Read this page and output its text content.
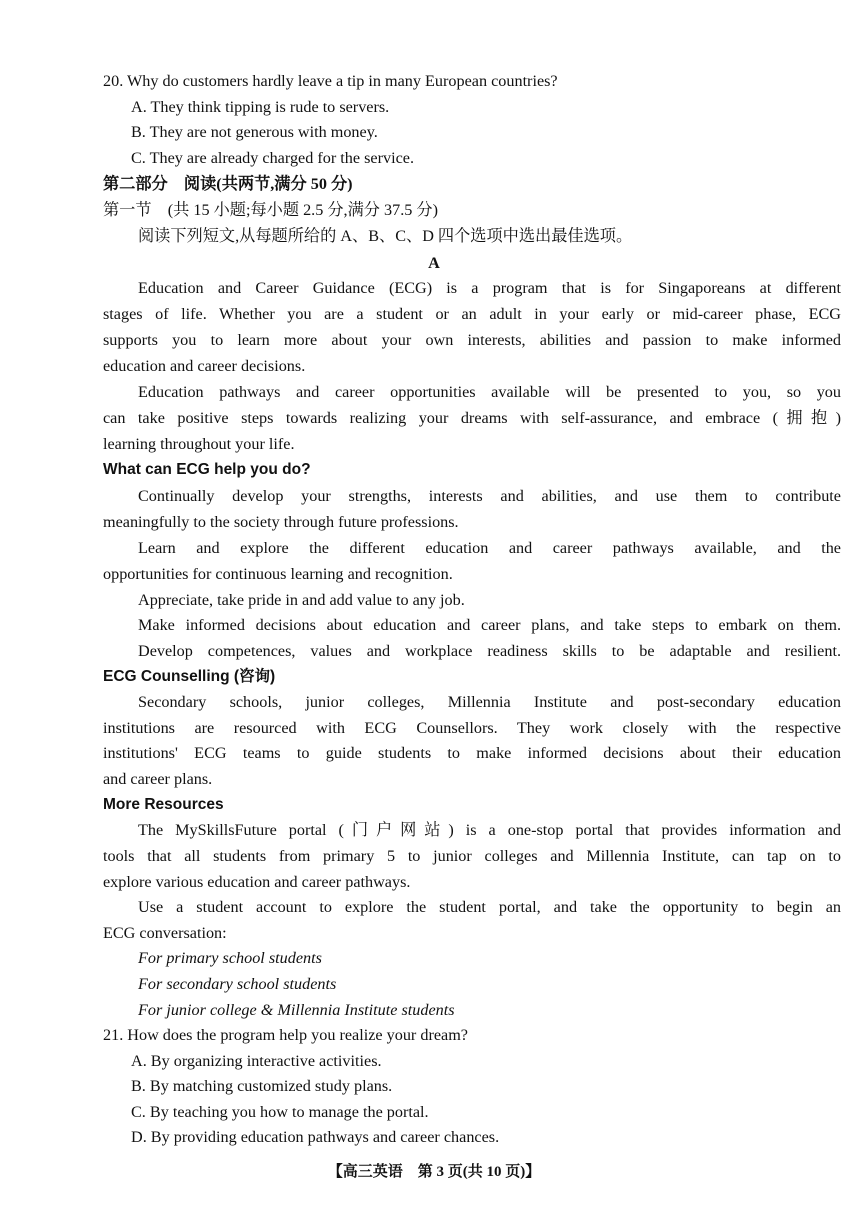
20. Why do customers hardly leave a tip in many European countries?
A. They think tipping is rude to servers.
B. They are not generous with money.
C. They are already charged for the service.
第二部分　阅读(共两节,满分 50 分)
第一节　(共 15 小题;每小题 2.5 分,满分 37.5 分)
阅读下列短文,从每题所给的 A、B、C、D 四个选项中选出最佳选项。
A
Education and Career Guidance (ECG) is a program that is for Singaporeans at different
stages of life. Whether you are a student or an adult in your early or mid-career phase, ECG
supports you to learn more about your own interests, abilities and passion to make informed
education and career decisions.
Education pathways and career opportunities available will be presented to you, so you
can take positive steps towards realizing your dreams with self-assurance, and embrace (拥抱)
learning throughout your life.
What can ECG help you do?
Continually develop your strengths, interests and abilities, and use them to contribute
meaningfully to the society through future professions.
Learn and explore the different education and career pathways available, and the
opportunities for continuous learning and recognition.
Appreciate, take pride in and add value to any job.
Make informed decisions about education and career plans, and take steps to embark on them.
Develop competences, values and workplace readiness skills to be adaptable and resilient.
ECG Counselling (咨询)
Secondary schools, junior colleges, Millennia Institute and post-secondary education
institutions are resourced with ECG Counsellors. They work closely with the respective
institutions' ECG teams to guide students to make informed decisions about their education
and career plans.
More Resources
The MySkillsFuture portal (门户网站) is a one-stop portal that provides information and
tools that all students from primary 5 to junior colleges and Millennia Institute, can tap on to
explore various education and career pathways.
Use a student account to explore the student portal, and take the opportunity to begin an
ECG conversation:
For primary school students
For secondary school students
For junior college & Millennia Institute students
21. How does the program help you realize your dream?
A. By organizing interactive activities.
B. By matching customized study plans.
C. By teaching you how to manage the portal.
D. By providing education pathways and career chances.
【高三英语　第 3 页(共 10 页)】
